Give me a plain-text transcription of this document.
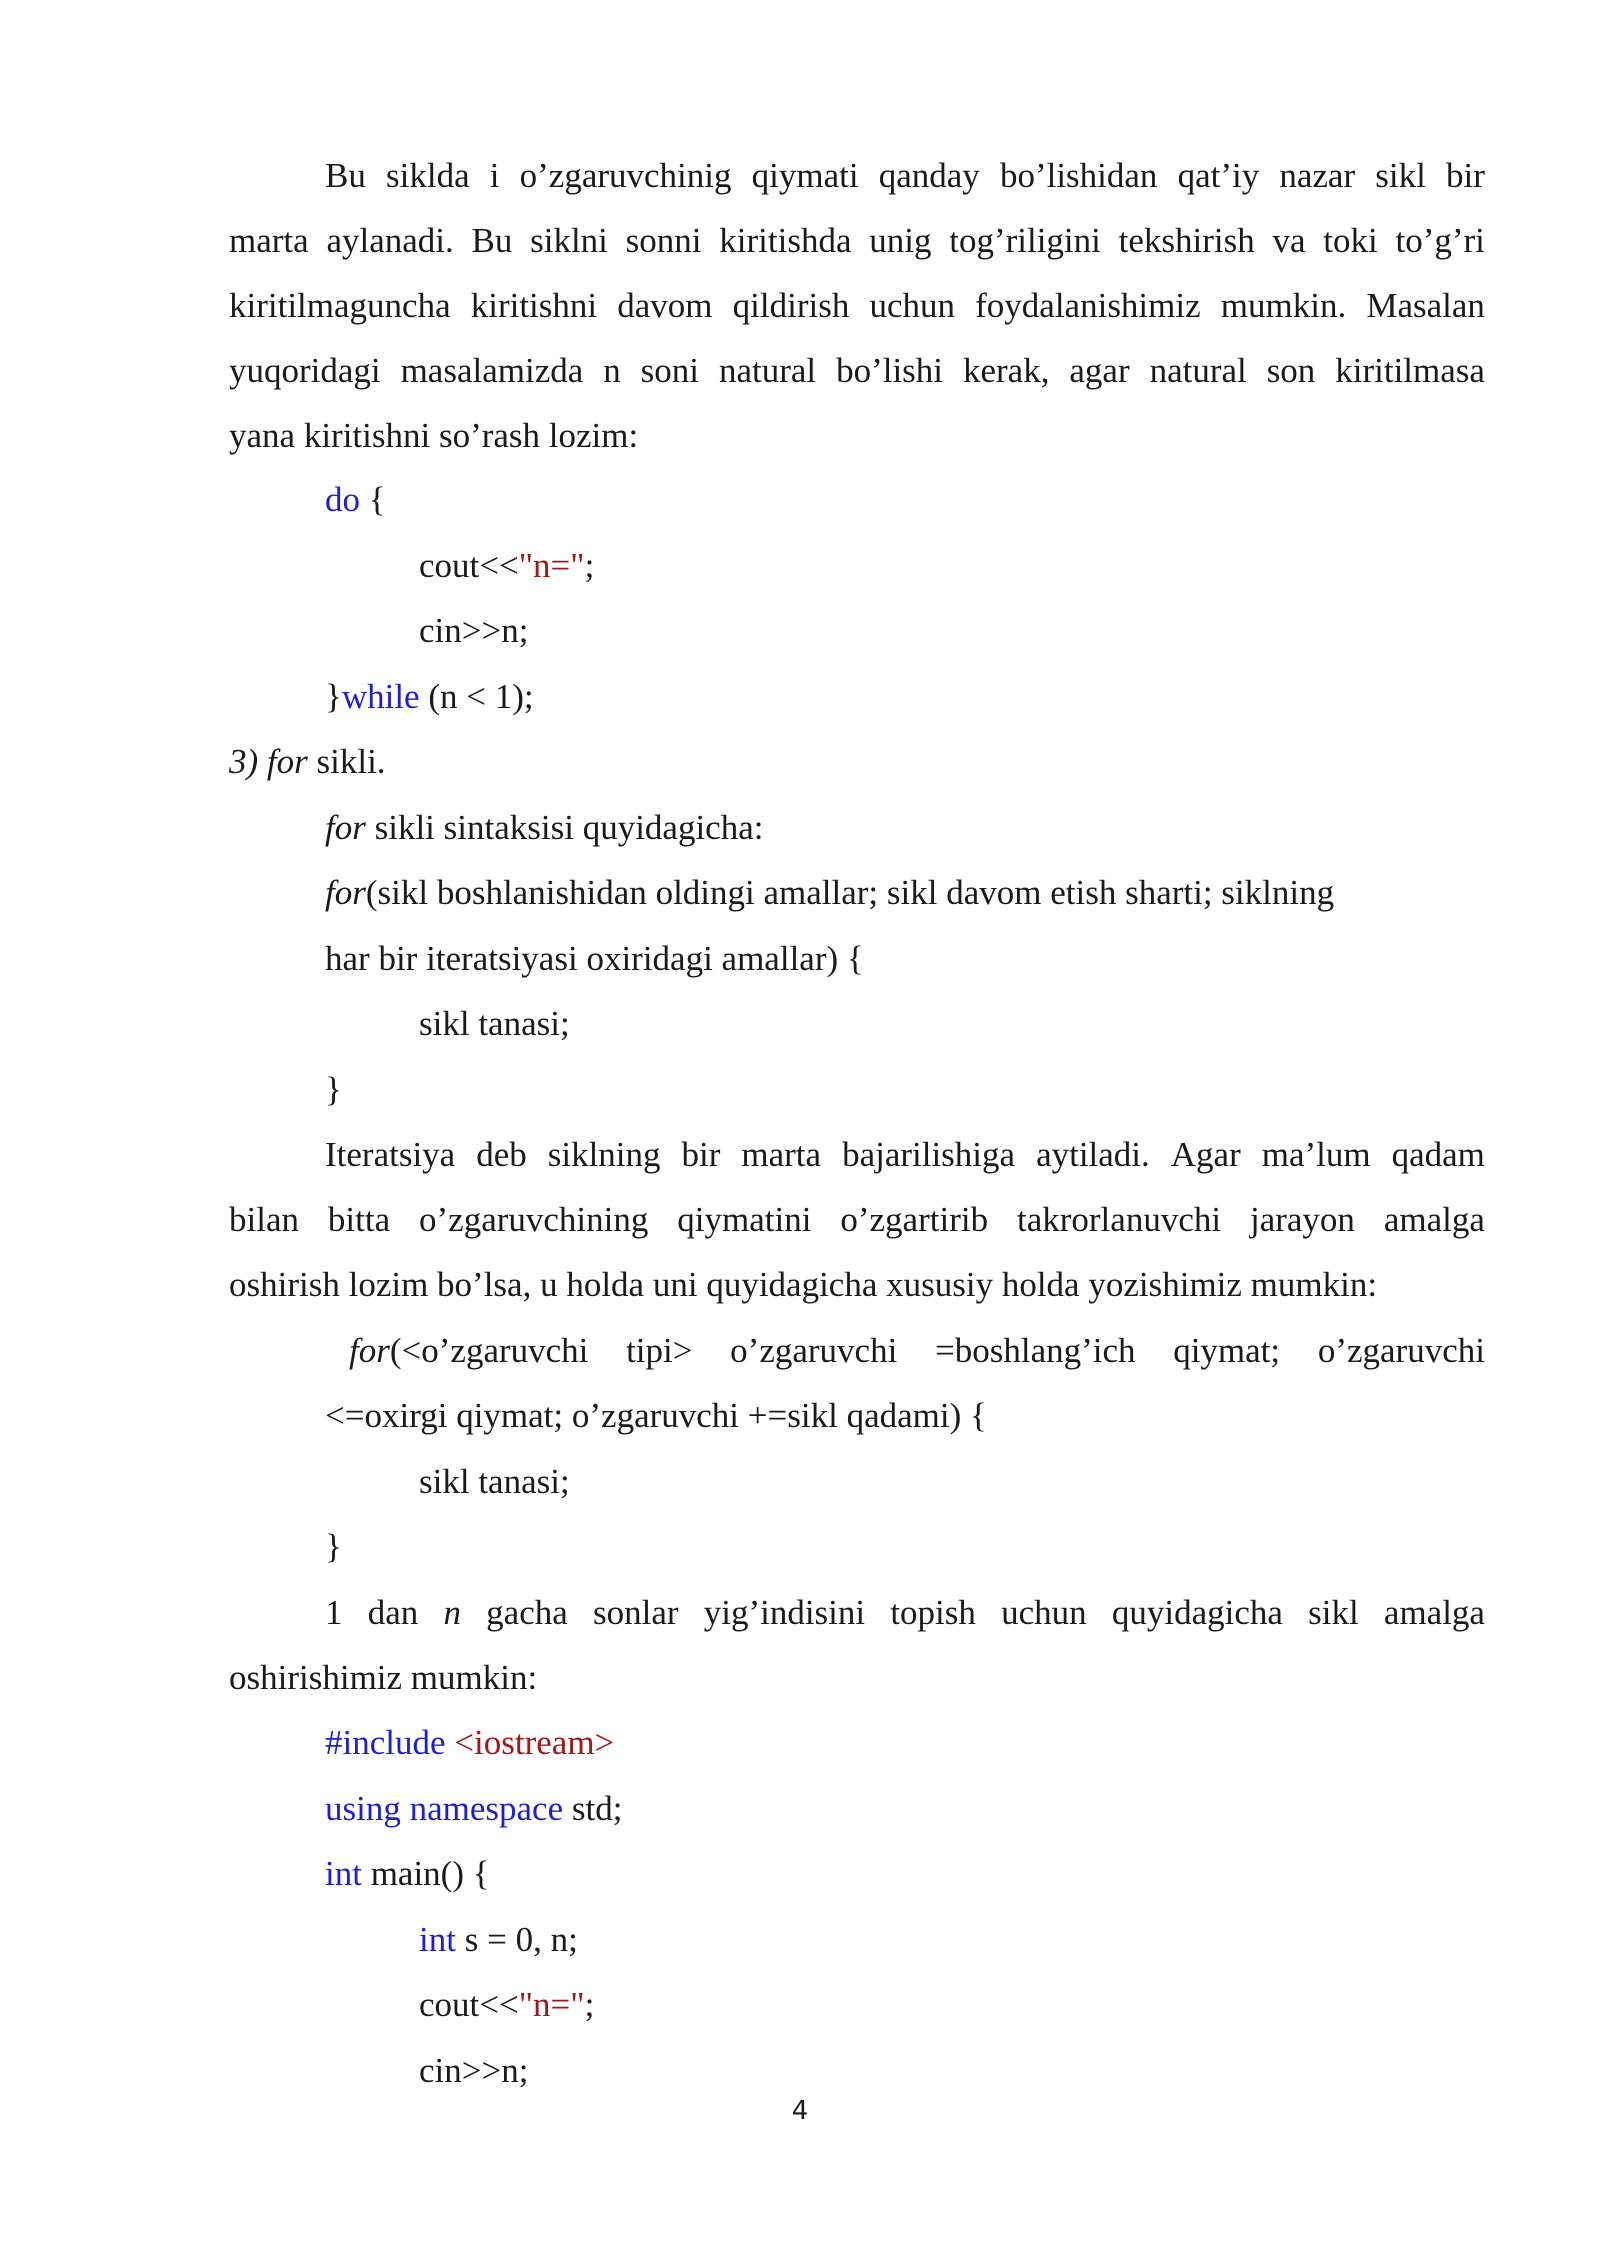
Bu siklda i o’zgaruvchinig qiymati qanday bo’lishidan qat’iy nazar sikl bir
marta aylanadi. Bu siklni sonni kiritishda unig tog’riligini tekshirish va toki to’g’ri
kiritilmaguncha kiritishni davom qildirish uchun foydalanishimiz mumkin. Masalan
yuqoridagi masalamizda n soni natural bo’lishi kerak, agar natural son kiritilmasa
yana kiritishni so’rash lozim:
do {
cout<<"n=";
cin>>n;
}while (n < 1);
3) for sikli.
for sikli sintaksisi quyidagicha:
for(sikl boshlanishidan oldingi amallar; sikl davom etish sharti; siklning
har bir iteratsiyasi oxiridagi amallar) {
sikl tanasi;
}
Iteratsiya deb siklning bir marta bajarilishiga aytiladi. Agar ma’lum qadam
bilan bitta o’zgaruvchining qiymatini o’zgartirib takrorlanuvchi jarayon amalga
oshirish lozim bo’lsa, u holda uni quyidagicha xususiy holda yozishimiz mumkin:
for(<o’zgaruvchi tipi> o’zgaruvchi =boshlang’ich qiymat; o’zgaruvchi
<=oxirgi qiymat; o’zgaruvchi +=sikl qadami) {
sikl tanasi;
}
1 dan n gacha sonlar yig’indisini topish uchun quyidagicha sikl amalga
oshirishimiz mumkin:
#include <iostream>
using namespace std;
int main() {
int s = 0, n;
cout<<"n=";
cin>>n;
4
